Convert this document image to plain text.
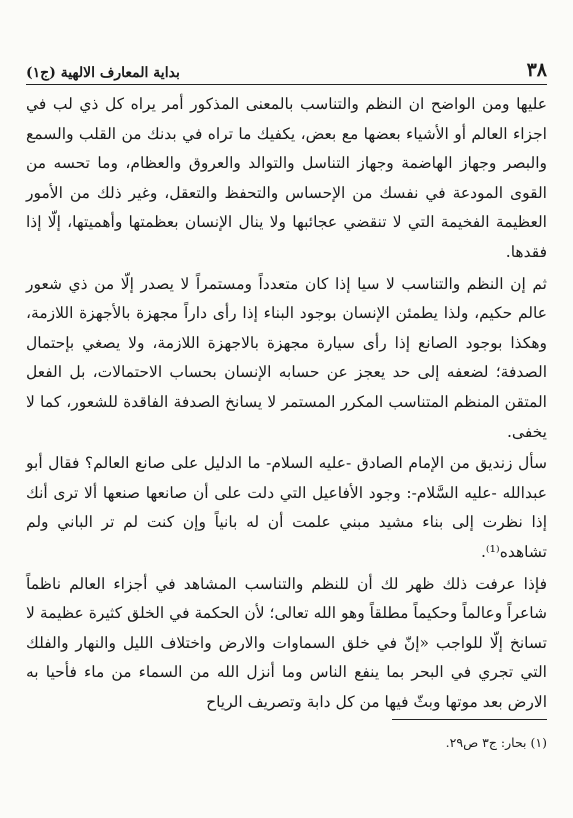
٣٨
بداية المعارف الالهية (ج١)

عليها ومن الواضح ان النظم والتناسب بالمعنى المذكور أمر يراه كل ذي لب في اجزاء العالم أو الأشياء بعضها مع بعض، يكفيك ما تراه في بدنك من القلب والسمع والبصر وجهاز الهاضمة وجهاز التناسل والتوالد والعروق والعظام، وما تحسه من القوى المودعة في نفسك من الإحساس والتحفظ والتعقل، وغير ذلك من الأمور العظيمة الفخيمة التي لا تنقضي عجائبها ولا ينال الإنسان بعظمتها وأهميتها، إلّا إذا فقدها.

ثم إن النظم والتناسب لا سيا إذا كان متعدداً ومستمراً لا يصدر إلّا من ذي شعور عالم حكيم، ولذا يطمئن الإنسان بوجود البناء إذا رأى داراً مجهزة بالأجهزة اللازمة، وهكذا بوجود الصانع إذا رأى سيارة مجهزة بالاجهزة اللازمة، ولا يصغي بإحتمال الصدفة؛ لضعفه إلى حد يعجز عن حسابه الإنسان بحساب الاحتمالات، بل الفعل المتقن المنظم المتناسب المكرر المستمر لا يسانخ الصدفة الفاقدة للشعور، كما لا يخفى.

سأل زنديق من الإمام الصادق -عليه السلام- ما الدليل على صانع العالم؟ فقال أبو عبدالله -عليه السَّلام-: وجود الأفاعيل التي دلت على أن صانعها صنعها ألا ترى أنك إذا نظرت إلى بناء مشيد مبني علمت أن له بانياً وإن كنت لم تر الباني ولم تشاهده⁽¹⁾.

فإذا عرفت ذلك ظهر لك أن للنظم والتناسب المشاهد في أجزاء العالم ناظماً شاعراً وعالماً وحكيماً مطلقاً وهو الله تعالى؛ لأن الحكمة في الخلق كثيرة عظيمة لا تسانخ إلّا للواجب «إنّ في خلق السماوات والارض واختلاف الليل والنهار والفلك التي تجري في البحر بما ينفع الناس وما أنزل الله من السماء من ماء فأحيا به الارض بعد موتها وبثّ فيها من كل دابة وتصريف الرياح

(١) بحار: ج٣ ص٢٩.
